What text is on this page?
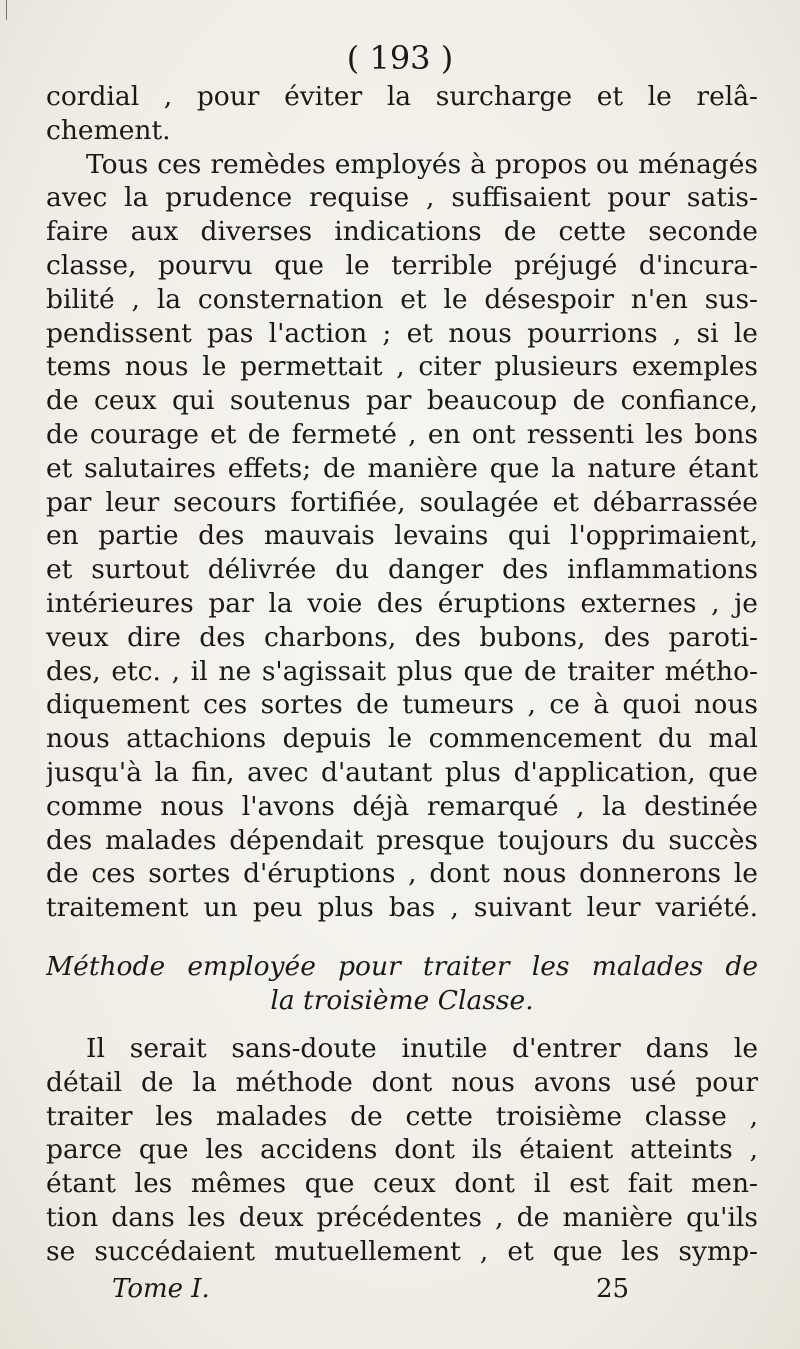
( 193 )
cordial , pour éviter la surcharge et le relâ-
chement.
Tous ces remèdes employés à propos ou ménagés
avec la prudence requise , suffisaient pour satis-
faire aux diverses indications de cette seconde
classe, pourvu que le terrible préjugé d'incura-
bilité , la consternation et le désespoir n'en sus-
pendissent pas l'action ; et nous pourrions , si le
tems nous le permettait , citer plusieurs exemples
de ceux qui soutenus par beaucoup de confiance,
de courage et de fermeté , en ont ressenti les bons
et salutaires effets; de manière que la nature étant
par leur secours fortifiée, soulagée et débarrassée
en partie des mauvais levains qui l'opprimaient,
et surtout délivrée du danger des inflammations
intérieures par la voie des éruptions externes , je
veux dire des charbons, des bubons, des paroti-
des, etc. , il ne s'agissait plus que de traiter métho-
diquement ces sortes de tumeurs , ce à quoi nous
nous attachions depuis le commencement du mal
jusqu'à la fin, avec d'autant plus d'application, que
comme nous l'avons déjà remarqué , la destinée
des malades dépendait presque toujours du succès
de ces sortes d'éruptions , dont nous donnerons le
traitement un peu plus bas , suivant leur variété.
Méthode employée pour traiter les malades de
la troisième Classe.
Il serait sans-doute inutile d'entrer dans le
détail de la méthode dont nous avons usé pour
traiter les malades de cette troisième classe ,
parce que les accidens dont ils étaient atteints ,
étant les mêmes que ceux dont il est fait men-
tion dans les deux précédentes , de manière qu'ils
se succédaient mutuellement , et que les symp-
Tome I.	25
